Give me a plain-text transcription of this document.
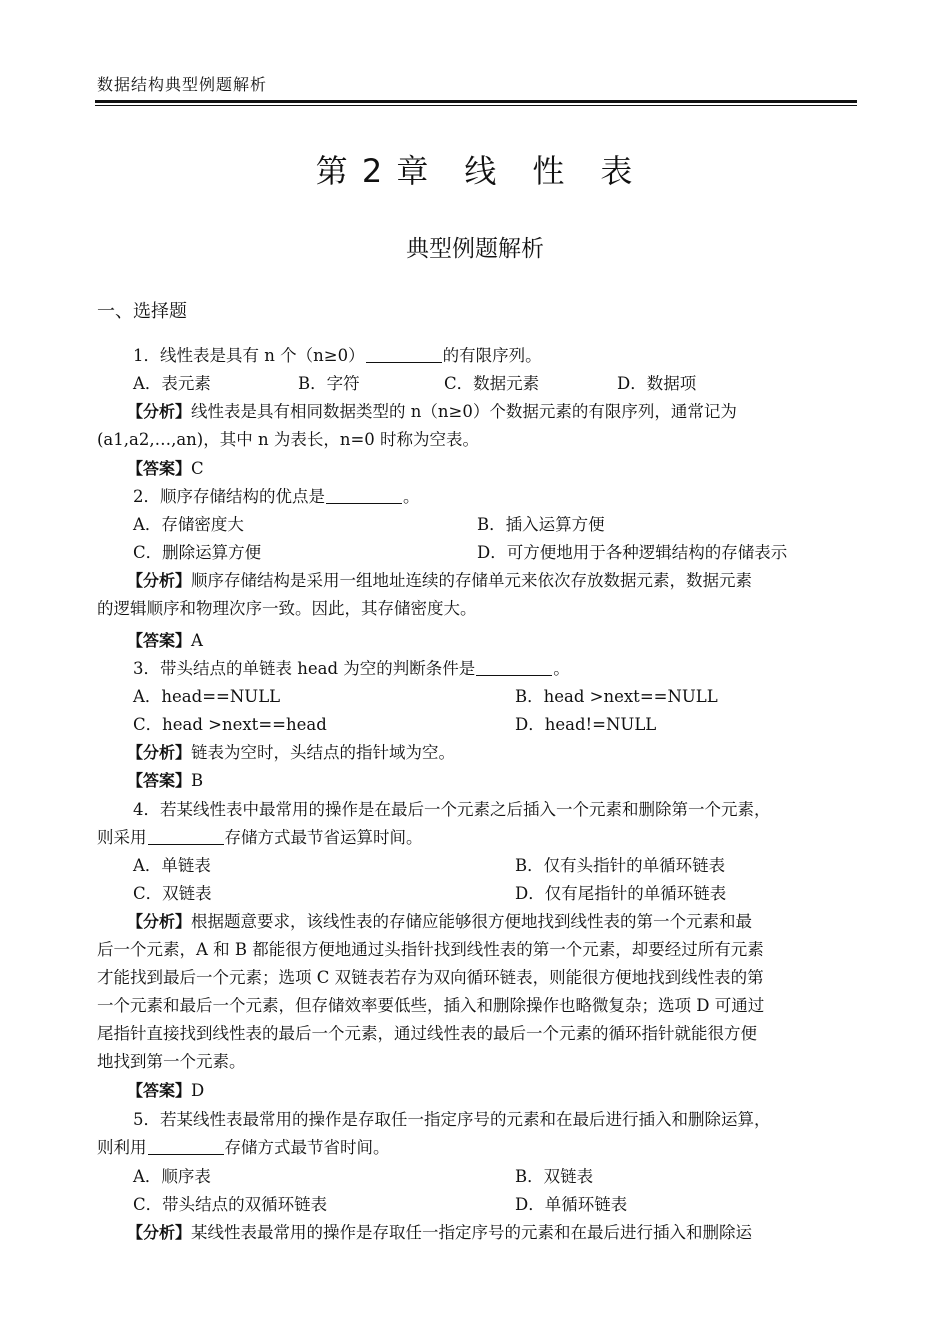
数据结构典型例题解析
第 2 章　线　性　表
典型例题解析
一、选择题
1．线性表是具有 n 个（n≥0）	的有限序列。
A．表元素	B．字符	C．数据元素	D．数据项
【分析】线性表是具有相同数据类型的 n（n≥0）个数据元素的有限序列，通常记为
(a1,a2,…,an)，其中 n 为表长，n=0 时称为空表。
【答案】C
2．顺序存储结构的优点是	。
A．存储密度大	B．插入运算方便
C．删除运算方便	D．可方便地用于各种逻辑结构的存储表示
【分析】顺序存储结构是采用一组地址连续的存储单元来依次存放数据元素，数据元素
的逻辑顺序和物理次序一致。因此，其存储密度大。
【答案】A
3．带头结点的单链表 head 为空的判断条件是	。
A．head==NULL	B．head >next==NULL
C．head >next==head	D．head!=NULL
【分析】链表为空时，头结点的指针域为空。
【答案】B
4．若某线性表中最常用的操作是在最后一个元素之后插入一个元素和删除第一个元素，
则采用	存储方式最节省运算时间。
A．单链表	B．仅有头指针的单循环链表
C．双链表	D．仅有尾指针的单循环链表
【分析】根据题意要求，该线性表的存储应能够很方便地找到线性表的第一个元素和最
后一个元素，A 和 B 都能很方便地通过头指针找到线性表的第一个元素，却要经过所有元素
才能找到最后一个元素；选项 C 双链表若存为双向循环链表，则能很方便地找到线性表的第
一个元素和最后一个元素，但存储效率要低些，插入和删除操作也略微复杂；选项 D 可通过
尾指针直接找到线性表的最后一个元素，通过线性表的最后一个元素的循环指针就能很方便
地找到第一个元素。
【答案】D
5．若某线性表最常用的操作是存取任一指定序号的元素和在最后进行插入和删除运算，
则利用	存储方式最节省时间。
A．顺序表	B．双链表
C．带头结点的双循环链表	D．单循环链表
【分析】某线性表最常用的操作是存取任一指定序号的元素和在最后进行插入和删除运
